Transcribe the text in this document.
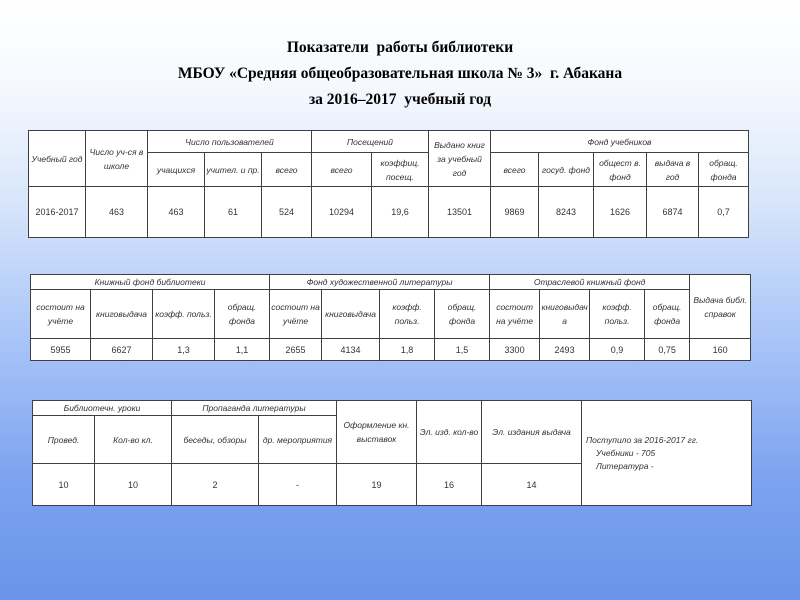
Показатели  работы библиотеки
МБОУ «Средняя общеобразовательная школа № 3»  г. Абакана
за 2016–2017  учебный год
Учебный год	Число уч-ся в школе	Число пользователей			Посещений		Выдано книг за учебный год	Фонд учебников				
		учащихся	учител. и пр.	всего	всего	коэффиц. посещ.		всего	госуд. фонд	общест в. фонд	выдача в год	обращ. фонда
2016-2017	463	463	61	524	10294	19,6	13501	9869	8243	1626	6874	0,7
Книжный фонд библиотеки				Фонд художественной литературы				Отраслевой книжный фонд				Выдача библ. справок
состоит на учёте	книговыдача	коэфф. польз.	обращ. фонда	состоит на учёте	книговыдача	коэфф. польз.	обращ. фонда	состоит на учёте	книговыдача	коэфф. польз.	обращ. фонда	
5955	6627	1,3	1,1	2655	4134	1,8	1,5	3300	2493	0,9	0,75	160
Библиотечн. уроки		Пропаганда литературы		Оформление кн. выставок	Эл. изд. кол-во	Эл. издания выдача	Поступило за 2016-2017 гг.
Учебники - 705
Литература -

Провед.	Кол-во кл.	беседы, обзоры	др. мероприятия				
10	10	2	-	19	16	14	
